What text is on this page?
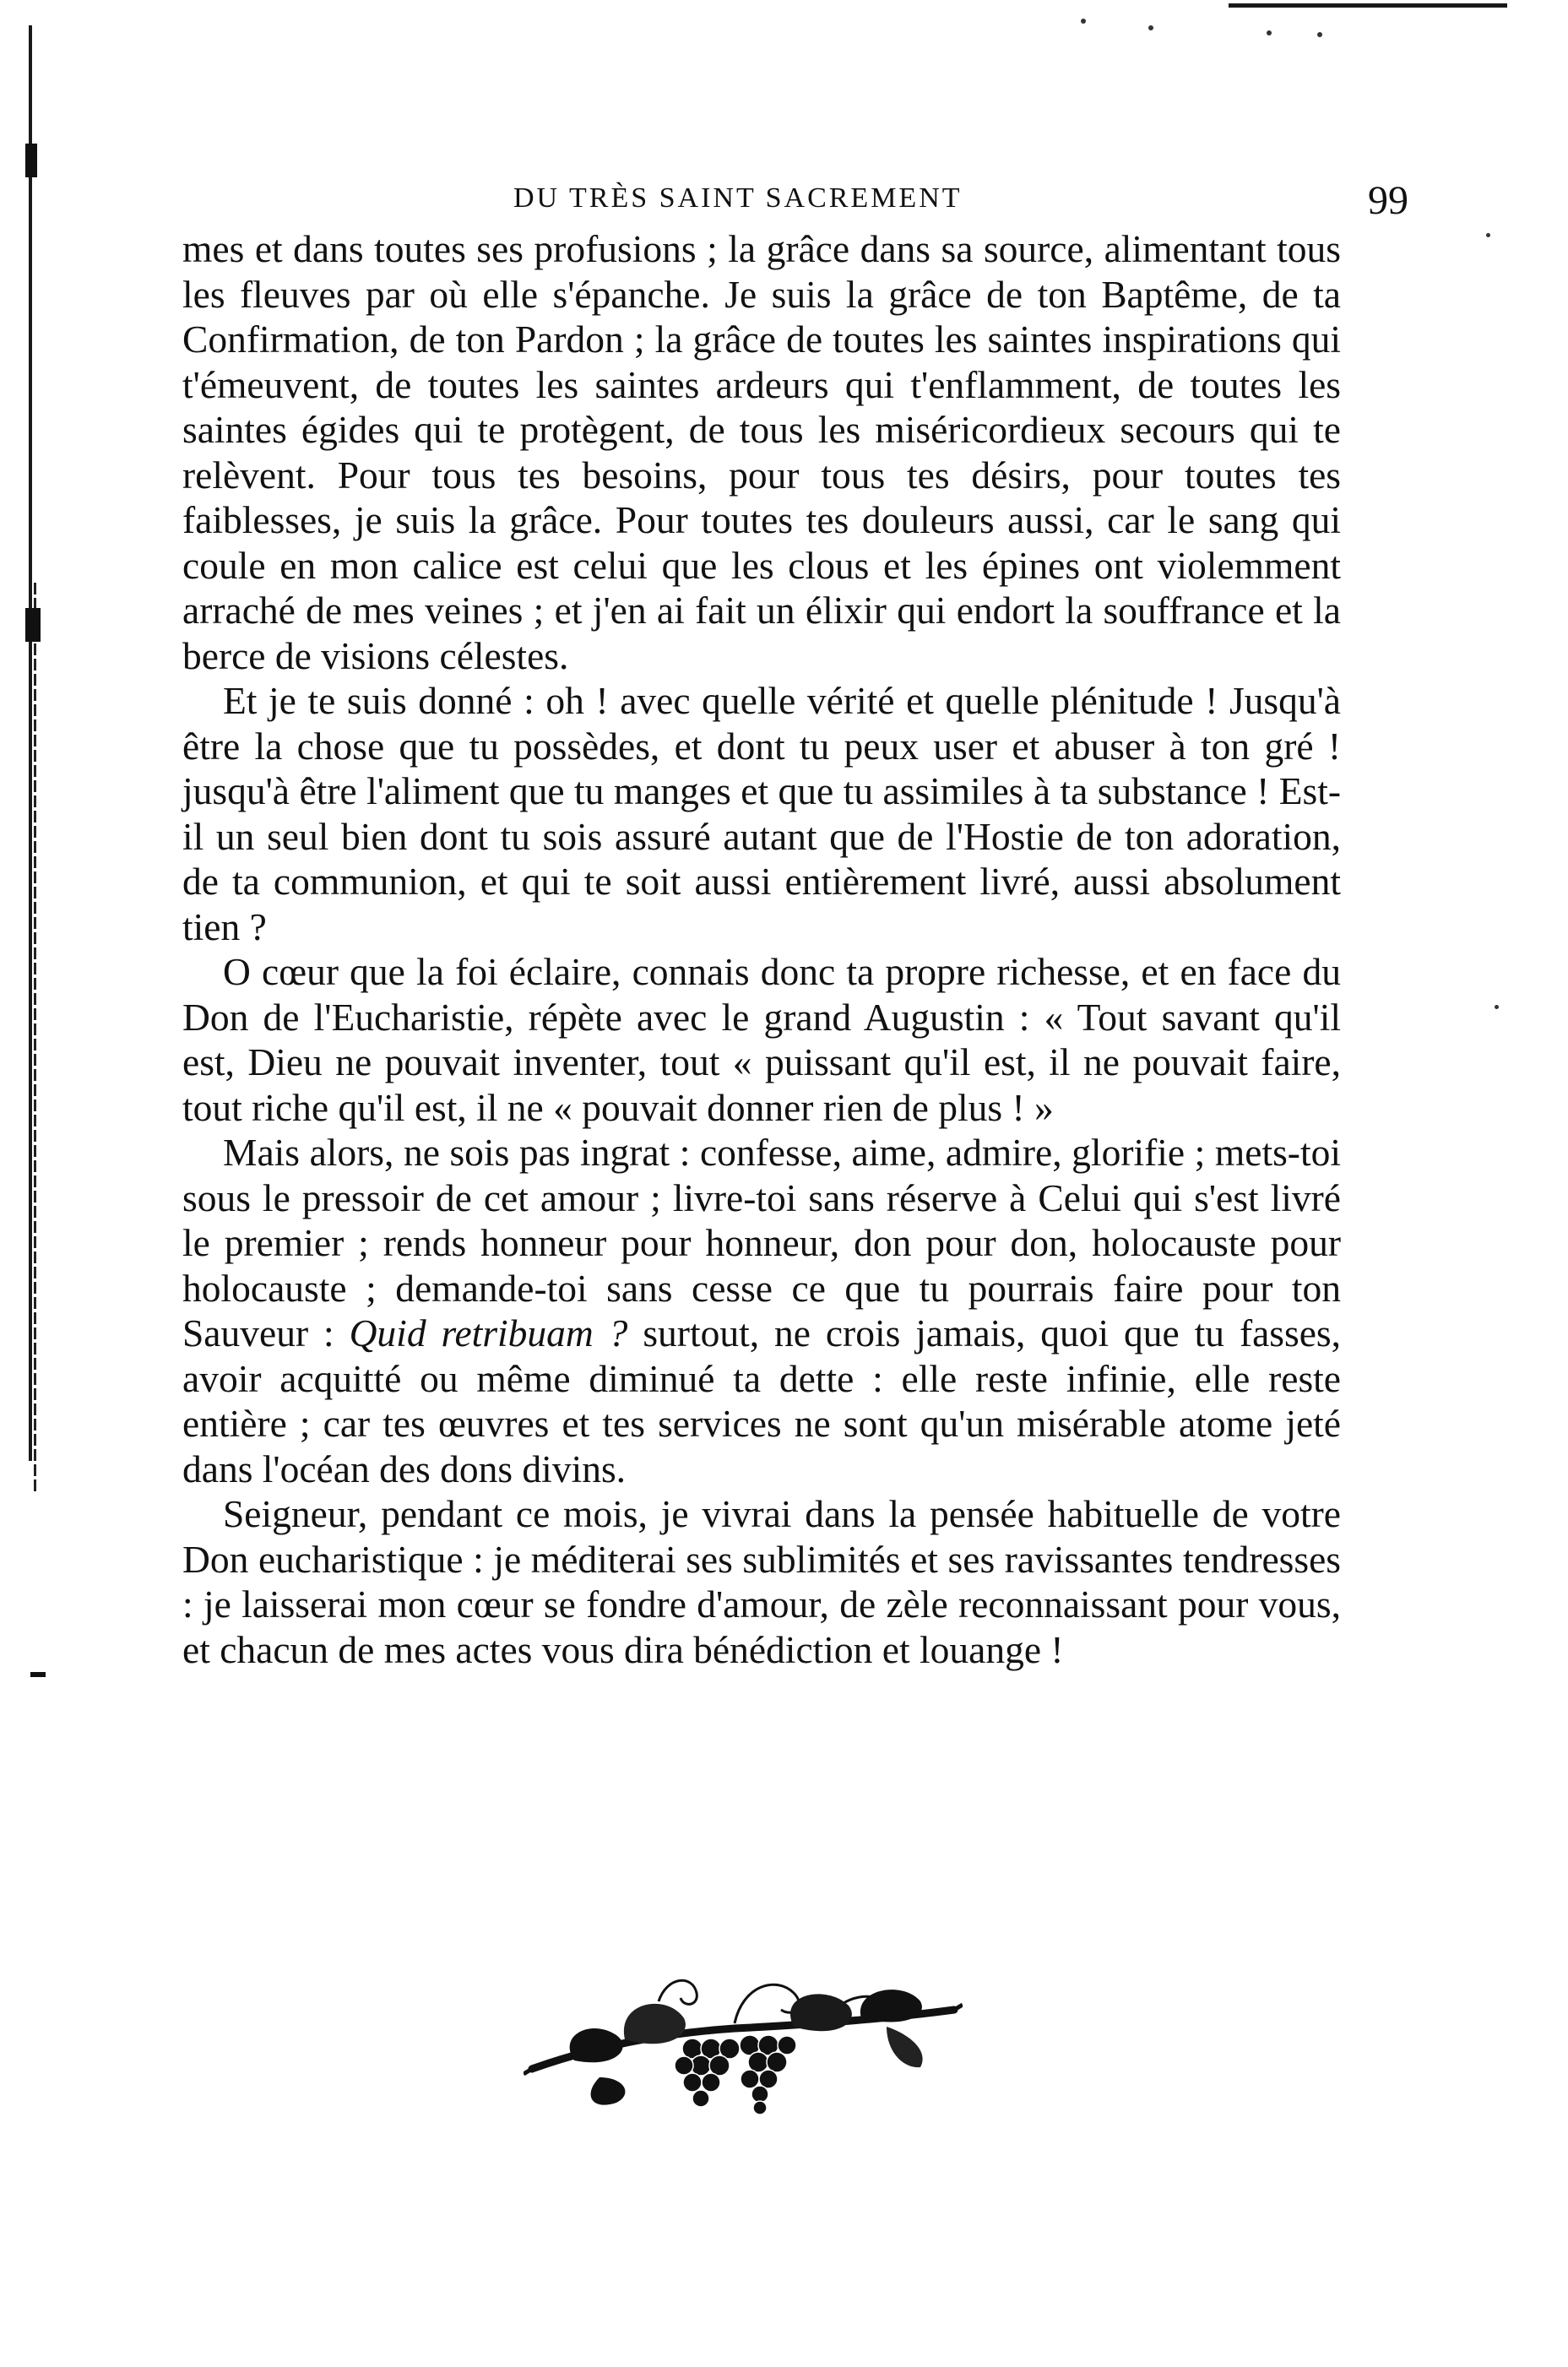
DU TRÈS SAINT SACREMENT	99

mes et dans toutes ses profusions ; la grâce dans sa source, alimentant tous les fleuves par où elle s'épanche. Je suis la grâce de ton Baptême, de ta Confirmation, de ton Pardon ; la grâce de toutes les saintes inspirations qui t'émeuvent, de toutes les saintes ardeurs qui t'enflamment, de toutes les saintes égides qui te protègent, de tous les miséricordieux secours qui te relèvent. Pour tous tes besoins, pour tous tes désirs, pour toutes tes faiblesses, je suis la grâce. Pour toutes tes douleurs aussi, car le sang qui coule en mon calice est celui que les clous et les épines ont violemment arraché de mes veines ; et j'en ai fait un élixir qui endort la souffrance et la berce de visions célestes.

Et je te suis donné : oh ! avec quelle vérité et quelle plénitude ! Jusqu'à être la chose que tu possèdes, et dont tu peux user et abuser à ton gré ! jusqu'à être l'aliment que tu manges et que tu assimiles à ta substance ! Est-il un seul bien dont tu sois assuré autant que de l'Hostie de ton adoration, de ta communion, et qui te soit aussi entièrement livré, aussi absolument tien ?

O cœur que la foi éclaire, connais donc ta propre richesse, et en face du Don de l'Eucharistie, répète avec le grand Augustin : « Tout savant qu'il est, Dieu ne pouvait inventer, tout « puissant qu'il est, il ne pouvait faire, tout riche qu'il est, il ne « pouvait donner rien de plus ! »

Mais alors, ne sois pas ingrat : confesse, aime, admire, glorifie ; mets-toi sous le pressoir de cet amour ; livre-toi sans réserve à Celui qui s'est livré le premier ; rends honneur pour honneur, don pour don, holocauste pour holocauste ; demande-toi sans cesse ce que tu pourrais faire pour ton Sauveur : Quid retribuam ? surtout, ne crois jamais, quoi que tu fasses, avoir acquitté ou même diminué ta dette : elle reste infinie, elle reste entière ; car tes œuvres et tes services ne sont qu'un misérable atome jeté dans l'océan des dons divins.

Seigneur, pendant ce mois, je vivrai dans la pensée habituelle de votre Don eucharistique : je méditerai ses sublimités et ses ravissantes tendresses : je laisserai mon cœur se fondre d'amour, de zèle reconnaissant pour vous, et chacun de mes actes vous dira bénédiction et louange !
